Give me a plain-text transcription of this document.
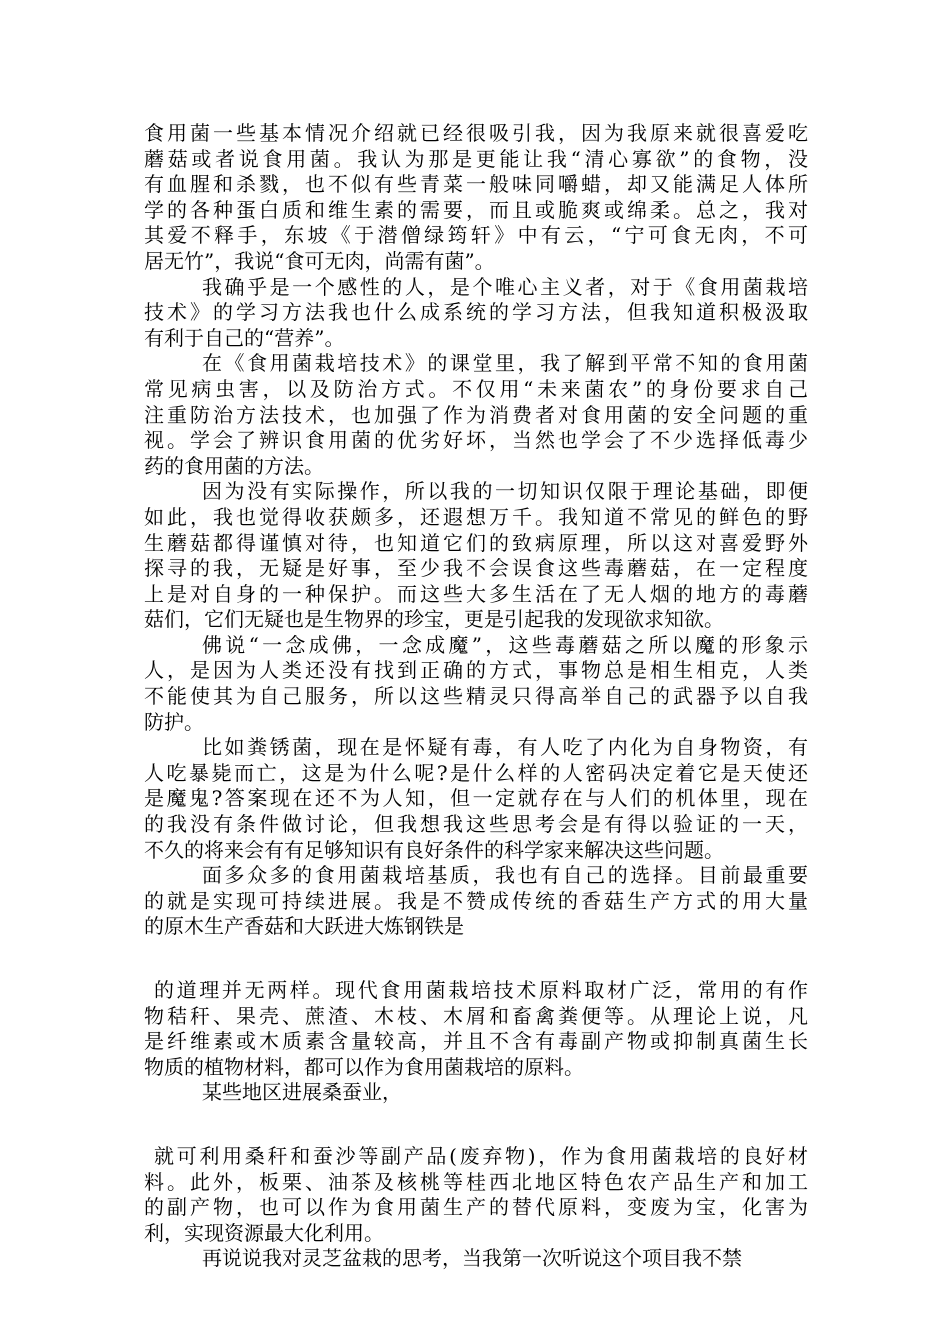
食用菌一些基本情况介绍就已经很吸引我，因为我原来就很喜爱吃
蘑菇或者说食用菌。我认为那是更能让我“清心寡欲”的食物，没
有血腥和杀戮，也不似有些青菜一般味同嚼蜡，却又能满足人体所
学的各种蛋白质和维生素的需要，而且或脆爽或绵柔。总之，我对
其爱不释手，东坡《于潜僧绿筠轩》中有云，“宁可食无肉，不可
居无竹”，我说“食可无肉，尚需有菌”。
我确乎是一个感性的人，是个唯心主义者，对于《食用菌栽培
技术》的学习方法我也什么成系统的学习方法，但我知道积极汲取
有利于自己的“营养”。
在《食用菌栽培技术》的课堂里，我了解到平常不知的食用菌
常见病虫害，以及防治方式。不仅用“未来菌农”的身份要求自己
注重防治方法技术，也加强了作为消费者对食用菌的安全问题的重
视。学会了辨识食用菌的优劣好坏，当然也学会了不少选择低毒少
药的食用菌的方法。
因为没有实际操作，所以我的一切知识仅限于理论基础，即便
如此，我也觉得收获颇多，还遐想万千。我知道不常见的鲜色的野
生蘑菇都得谨慎对待，也知道它们的致病原理，所以这对喜爱野外
探寻的我，无疑是好事，至少我不会误食这些毒蘑菇，在一定程度
上是对自身的一种保护。而这些大多生活在了无人烟的地方的毒蘑
菇们，它们无疑也是生物界的珍宝，更是引起我的发现欲求知欲。
佛说“一念成佛，一念成魔”，这些毒蘑菇之所以魔的形象示
人，是因为人类还没有找到正确的方式，事物总是相生相克，人类
不能使其为自己服务，所以这些精灵只得高举自己的武器予以自我
防护。
比如粪锈菌，现在是怀疑有毒，有人吃了内化为自身物资，有
人吃暴毙而亡，这是为什么呢?是什么样的人密码决定着它是天使还
是魔鬼?答案现在还不为人知，但一定就存在与人们的机体里，现在
的我没有条件做讨论，但我想我这些思考会是有得以验证的一天，
不久的将来会有有足够知识有良好条件的科学家来解决这些问题。
面多众多的食用菌栽培基质，我也有自己的选择。目前最重要
的就是实现可持续进展。我是不赞成传统的香菇生产方式的用大量
的原木生产香菇和大跃进大炼钢铁是
的道理并无两样。现代食用菌栽培技术原料取材广泛，常用的有作
物秸秆、果壳、蔗渣、木枝、木屑和畜禽粪便等。从理论上说，凡
是纤维素或木质素含量较高，并且不含有毒副产物或抑制真菌生长
物质的植物材料，都可以作为食用菌栽培的原料。
某些地区进展桑蚕业，
就可利用桑秆和蚕沙等副产品(废弃物)，作为食用菌栽培的良好材
料。此外，板栗、油茶及核桃等桂西北地区特色农产品生产和加工
的副产物，也可以作为食用菌生产的替代原料，变废为宝，化害为
利，实现资源最大化利用。
再说说我对灵芝盆栽的思考，当我第一次听说这个项目我不禁
